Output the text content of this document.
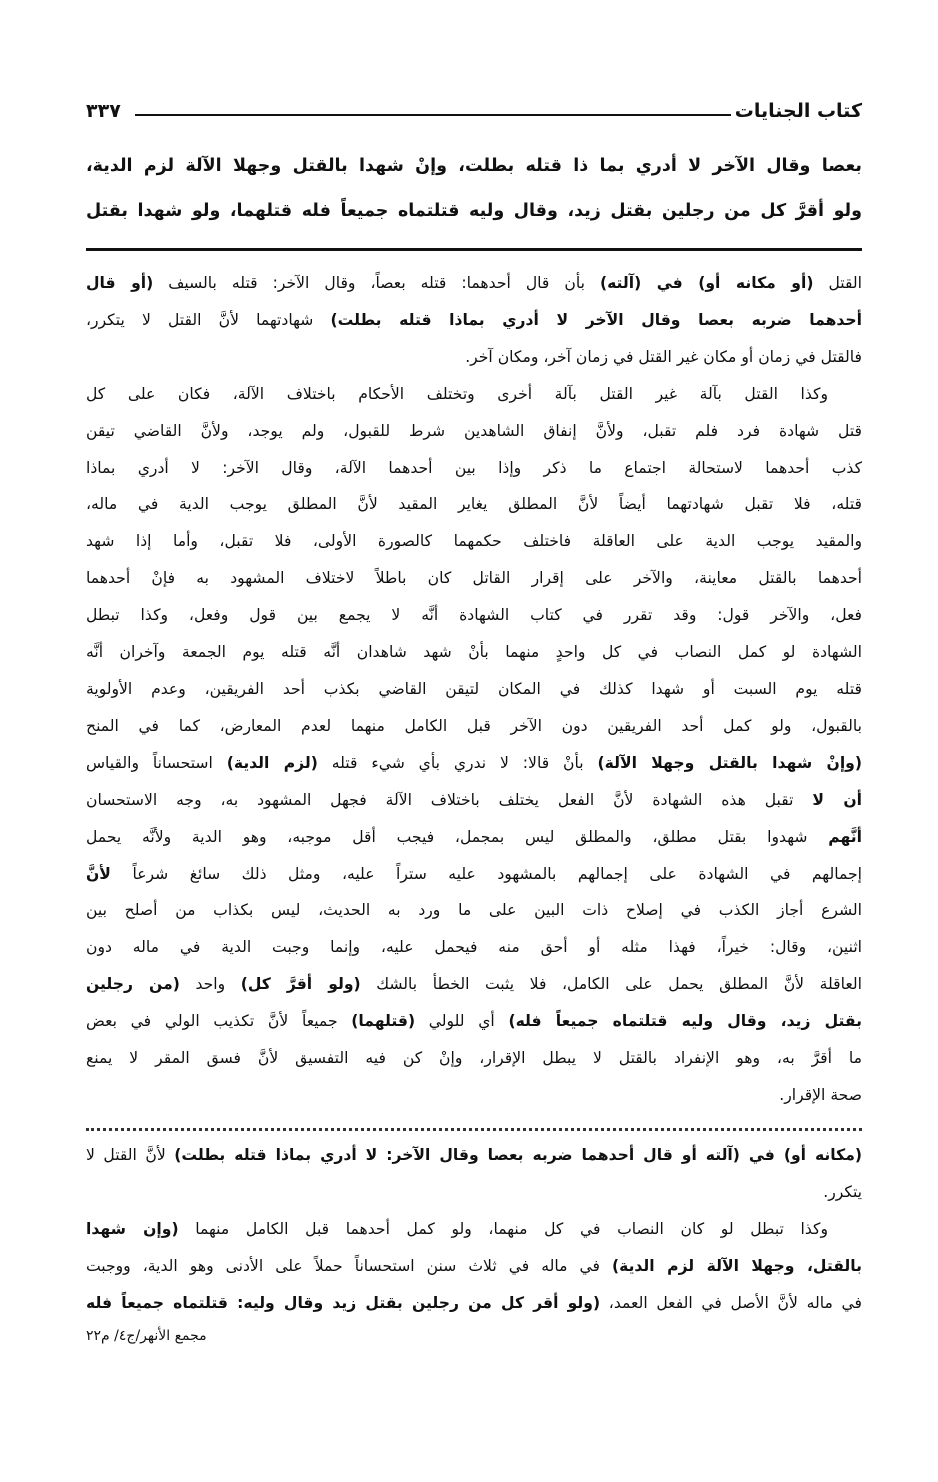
كتاب الجنايات
٣٣٧
بعصا وقال الآخر لا أدري بما ذا قتله بطلت، وإنْ شهدا بالقتل وجهلا الآلة لزم الدية،
ولو أقرَّ كل من رجلين بقتل زيد، وقال وليه قتلتماه جميعاً فله قتلهما، ولو شهدا بقتل
القتل (أو مكانه أو) في (آلته) بأن قال أحدهما: قتله بعصاً، وقال الآخر: قتله بالسيف (أو قال
أحدهما ضربه بعصا وقال الآخر لا أدري بماذا قتله بطلت) شهادتهما لأنَّ القتل لا يتكرر،
فالقتل في زمان أو مكان غير القتل في زمان آخر، ومكان آخر.
وكذا القتل بآلة غير القتل بآلة أخرى وتختلف الأحكام باختلاف الآلة، فكان على كل
قتل شهادة فرد فلم تقبل، ولأنَّ إنفاق الشاهدين شرط للقبول، ولم يوجد، ولأنَّ القاضي تيقن
كذب أحدهما لاستحالة اجتماع ما ذكر وإذا بين أحدهما الآلة، وقال الآخر: لا أدري بماذا
قتله، فلا تقبل شهادتهما أيضاً لأنَّ المطلق يغاير المقيد لأنَّ المطلق يوجب الدية في ماله،
والمقيد يوجب الدية على العاقلة فاختلف حكمهما كالصورة الأولى، فلا تقبل، وأما إذا شهد
أحدهما بالقتل معاينة، والآخر على إقرار القاتل كان باطلاً لاختلاف المشهود به فإنْ أحدهما
فعل، والآخر قول: وقد تقرر في كتاب الشهادة أنَّه لا يجمع بين قول وفعل، وكذا تبطل
الشهادة لو كمل النصاب في كل واحدٍ منهما بأنْ شهد شاهدان أنَّه قتله يوم الجمعة وآخران أنَّه
قتله يوم السبت أو شهدا كذلك في المكان لتيقن القاضي بكذب أحد الفريقين، وعدم الأولوية
بالقبول، ولو كمل أحد الفريقين دون الآخر قبل الكامل منهما لعدم المعارض، كما في المنح
(وإنْ شهدا بالقتل وجهلا الآلة) بأنْ قالا: لا ندري بأي شيء قتله (لزم الدية) استحساناً والقياس
أن لا تقبل هذه الشهادة لأنَّ الفعل يختلف باختلاف الآلة فجهل المشهود به، وجه الاستحسان
أنَّهم شهدوا بقتل مطلق، والمطلق ليس بمجمل، فيجب أقل موجبه، وهو الدية ولأنَّه يحمل
إجمالهم في الشهادة على إجمالهم بالمشهود عليه ستراً عليه، ومثل ذلك سائغ شرعاً لأنَّ
الشرع أجاز الكذب في إصلاح ذات البين على ما ورد به الحديث، ليس بكذاب من أصلح بين
اثنين، وقال: خيراً، فهذا مثله أو أحق منه فيحمل عليه، وإنما وجبت الدية في ماله دون
العاقلة لأنَّ المطلق يحمل على الكامل، فلا يثبت الخطأ بالشك (ولو أقرَّ كل) واحد (من رجلين
بقتل زيد، وقال وليه قتلتماه جميعاً فله) أي للولي (قتلهما) جميعاً لأنَّ تكذيب الولي في بعض
ما أقرَّ به، وهو الإنفراد بالقتل لا يبطل الإقرار، وإنْ كن فيه التفسيق لأنَّ فسق المقر لا يمنع
صحة الإقرار.
(مكانه أو) في (آلته أو قال أحدهما ضربه بعصا وقال الآخر: لا أدري بماذا قتله بطلت) لأنَّ القتل لا
يتكرر.
وكذا تبطل لو كان النصاب في كل منهما، ولو كمل أحدهما قبل الكامل منهما (وإن شهدا
بالقتل، وجهلا الآلة لزم الدية) في ماله في ثلاث سنن استحساناً حملاً على الأدنى وهو الدية، ووجبت
في ماله لأنَّ الأصل في الفعل العمد، (ولو أقر كل من رجلين بقتل زيد وقال وليه: قتلتماه جميعاً فله
مجمع الأنهر/ج٤/ م٢٢
